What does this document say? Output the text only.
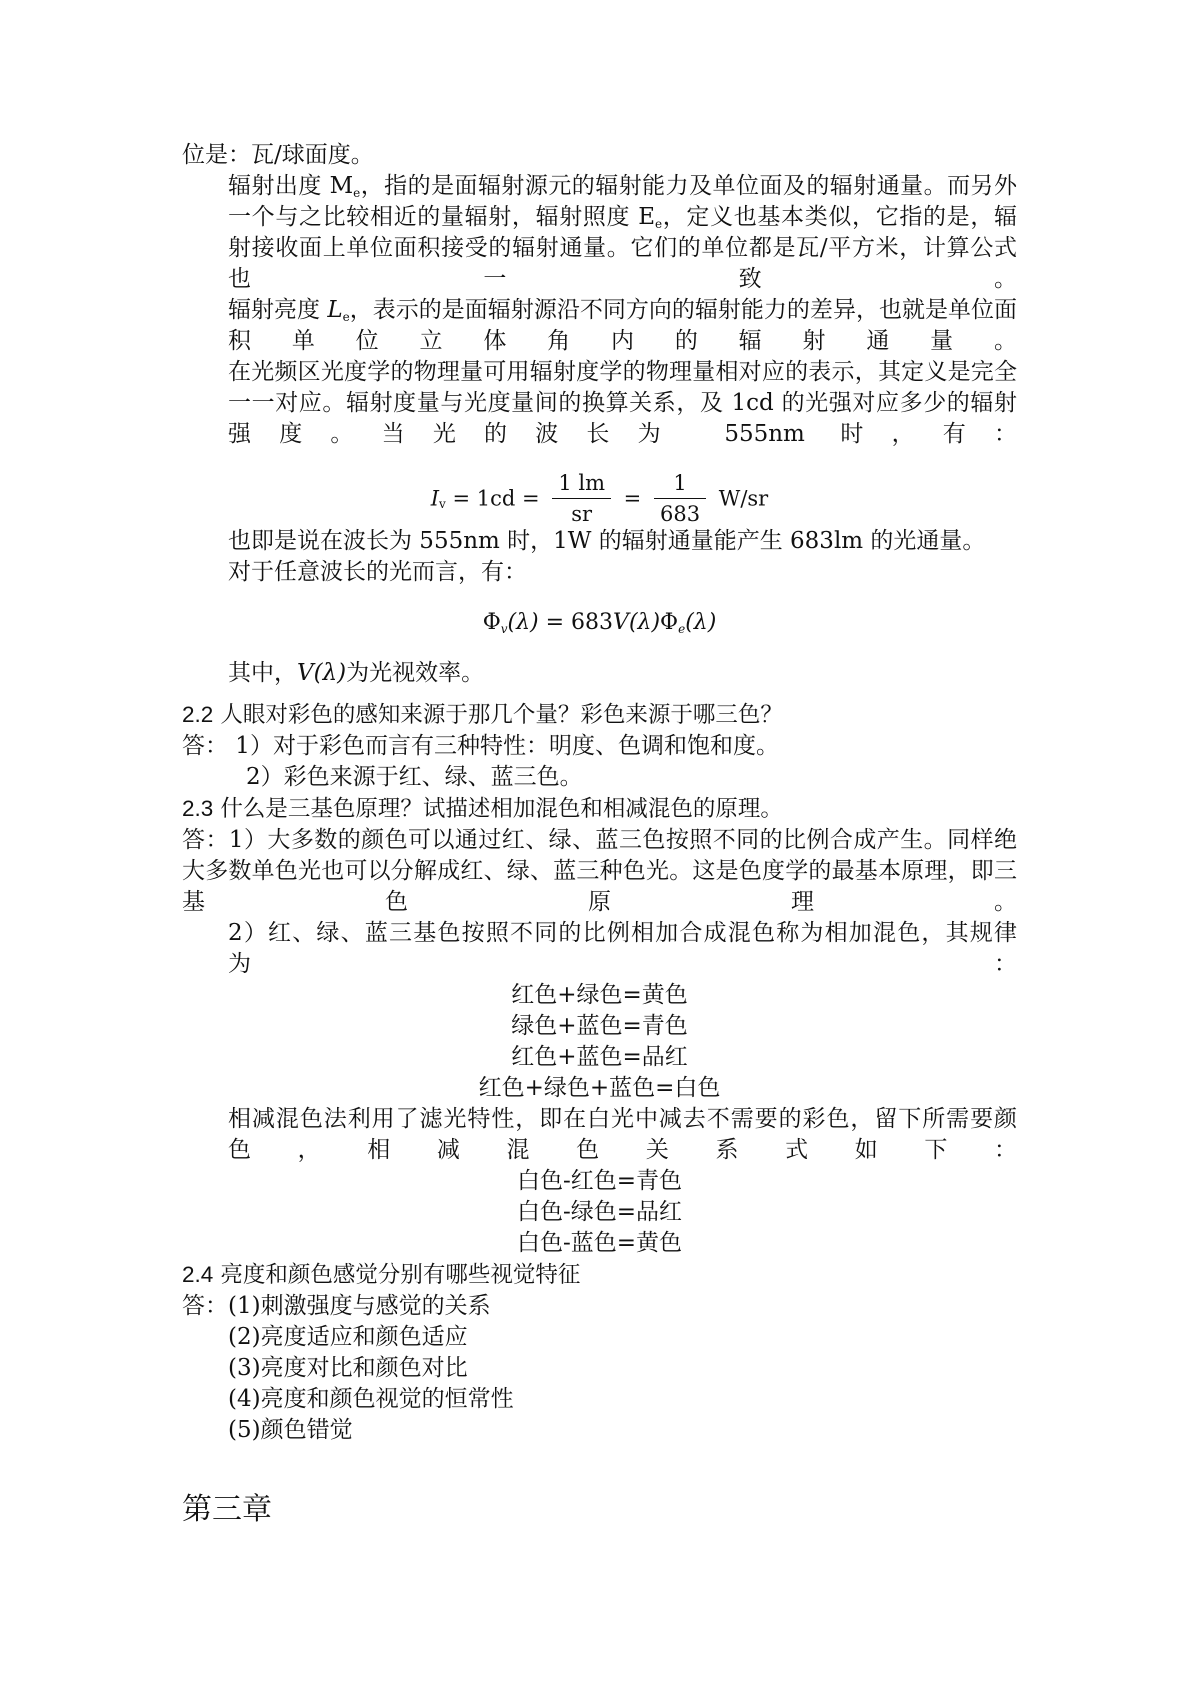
位是：瓦/球面度。
辐射出度 $M_e$，指的是面辐射源元的辐射能力及单位面及的辐射通量。而另外一个与之比较相近的量辐射，辐射照度 $E_e$，定义也基本类似，它指的是，辐射接收面上单位面积接受的辐射通量。它们的单位都是瓦/平方米，计算公式也一致。
辐射亮度 $L_e$，表示的是面辐射源沿不同方向的辐射能力的差异，也就是单位面积单位立体角内的辐射通量。
在光频区光度学的物理量可用辐射度学的物理量相对应的表示，其定义是完全一一对应。辐射度量与光度量间的换算关系，及 1cd 的光强对应多少的辐射强度。当光的波长为 555nm 时，有：
$I_v = 1cd = \frac{1 lm}{sr} = \frac{1}{683} W/sr$
也即是说在波长为 555nm 时，1W 的辐射通量能产生 683lm 的光通量。
对于任意波长的光而言，有：
$\Phi_v(\lambda) = 683V(\lambda)\Phi_e(\lambda)$
其中，V(λ)为光视效率。
2.2 人眼对彩色的感知来源于那几个量？彩色来源于哪三色？
答： 1）对于彩色而言有三种特性：明度、色调和饱和度。
2）彩色来源于红、绿、蓝三色。
2.3 什么是三基色原理？试描述相加混色和相减混色的原理。
答：1）大多数的颜色可以通过红、绿、蓝三色按照不同的比例合成产生。同样绝大多数单色光也可以分解成红、绿、蓝三种色光。这是色度学的最基本原理，即三基色原理。
2）红、绿、蓝三基色按照不同的比例相加合成混色称为相加混色，其规律为：
红色+绿色=黄色
绿色+蓝色=青色
红色+蓝色=品红
红色+绿色+蓝色=白色
相减混色法利用了滤光特性，即在白光中减去不需要的彩色，留下所需要颜色，相减混色关系式如下：
白色-红色=青色
白色-绿色=品红
白色-蓝色=黄色
2.4 亮度和颜色感觉分别有哪些视觉特征
答：(1)刺激强度与感觉的关系
(2)亮度适应和颜色适应
(3)亮度对比和颜色对比
(4)亮度和颜色视觉的恒常性
(5)颜色错觉
第三章
